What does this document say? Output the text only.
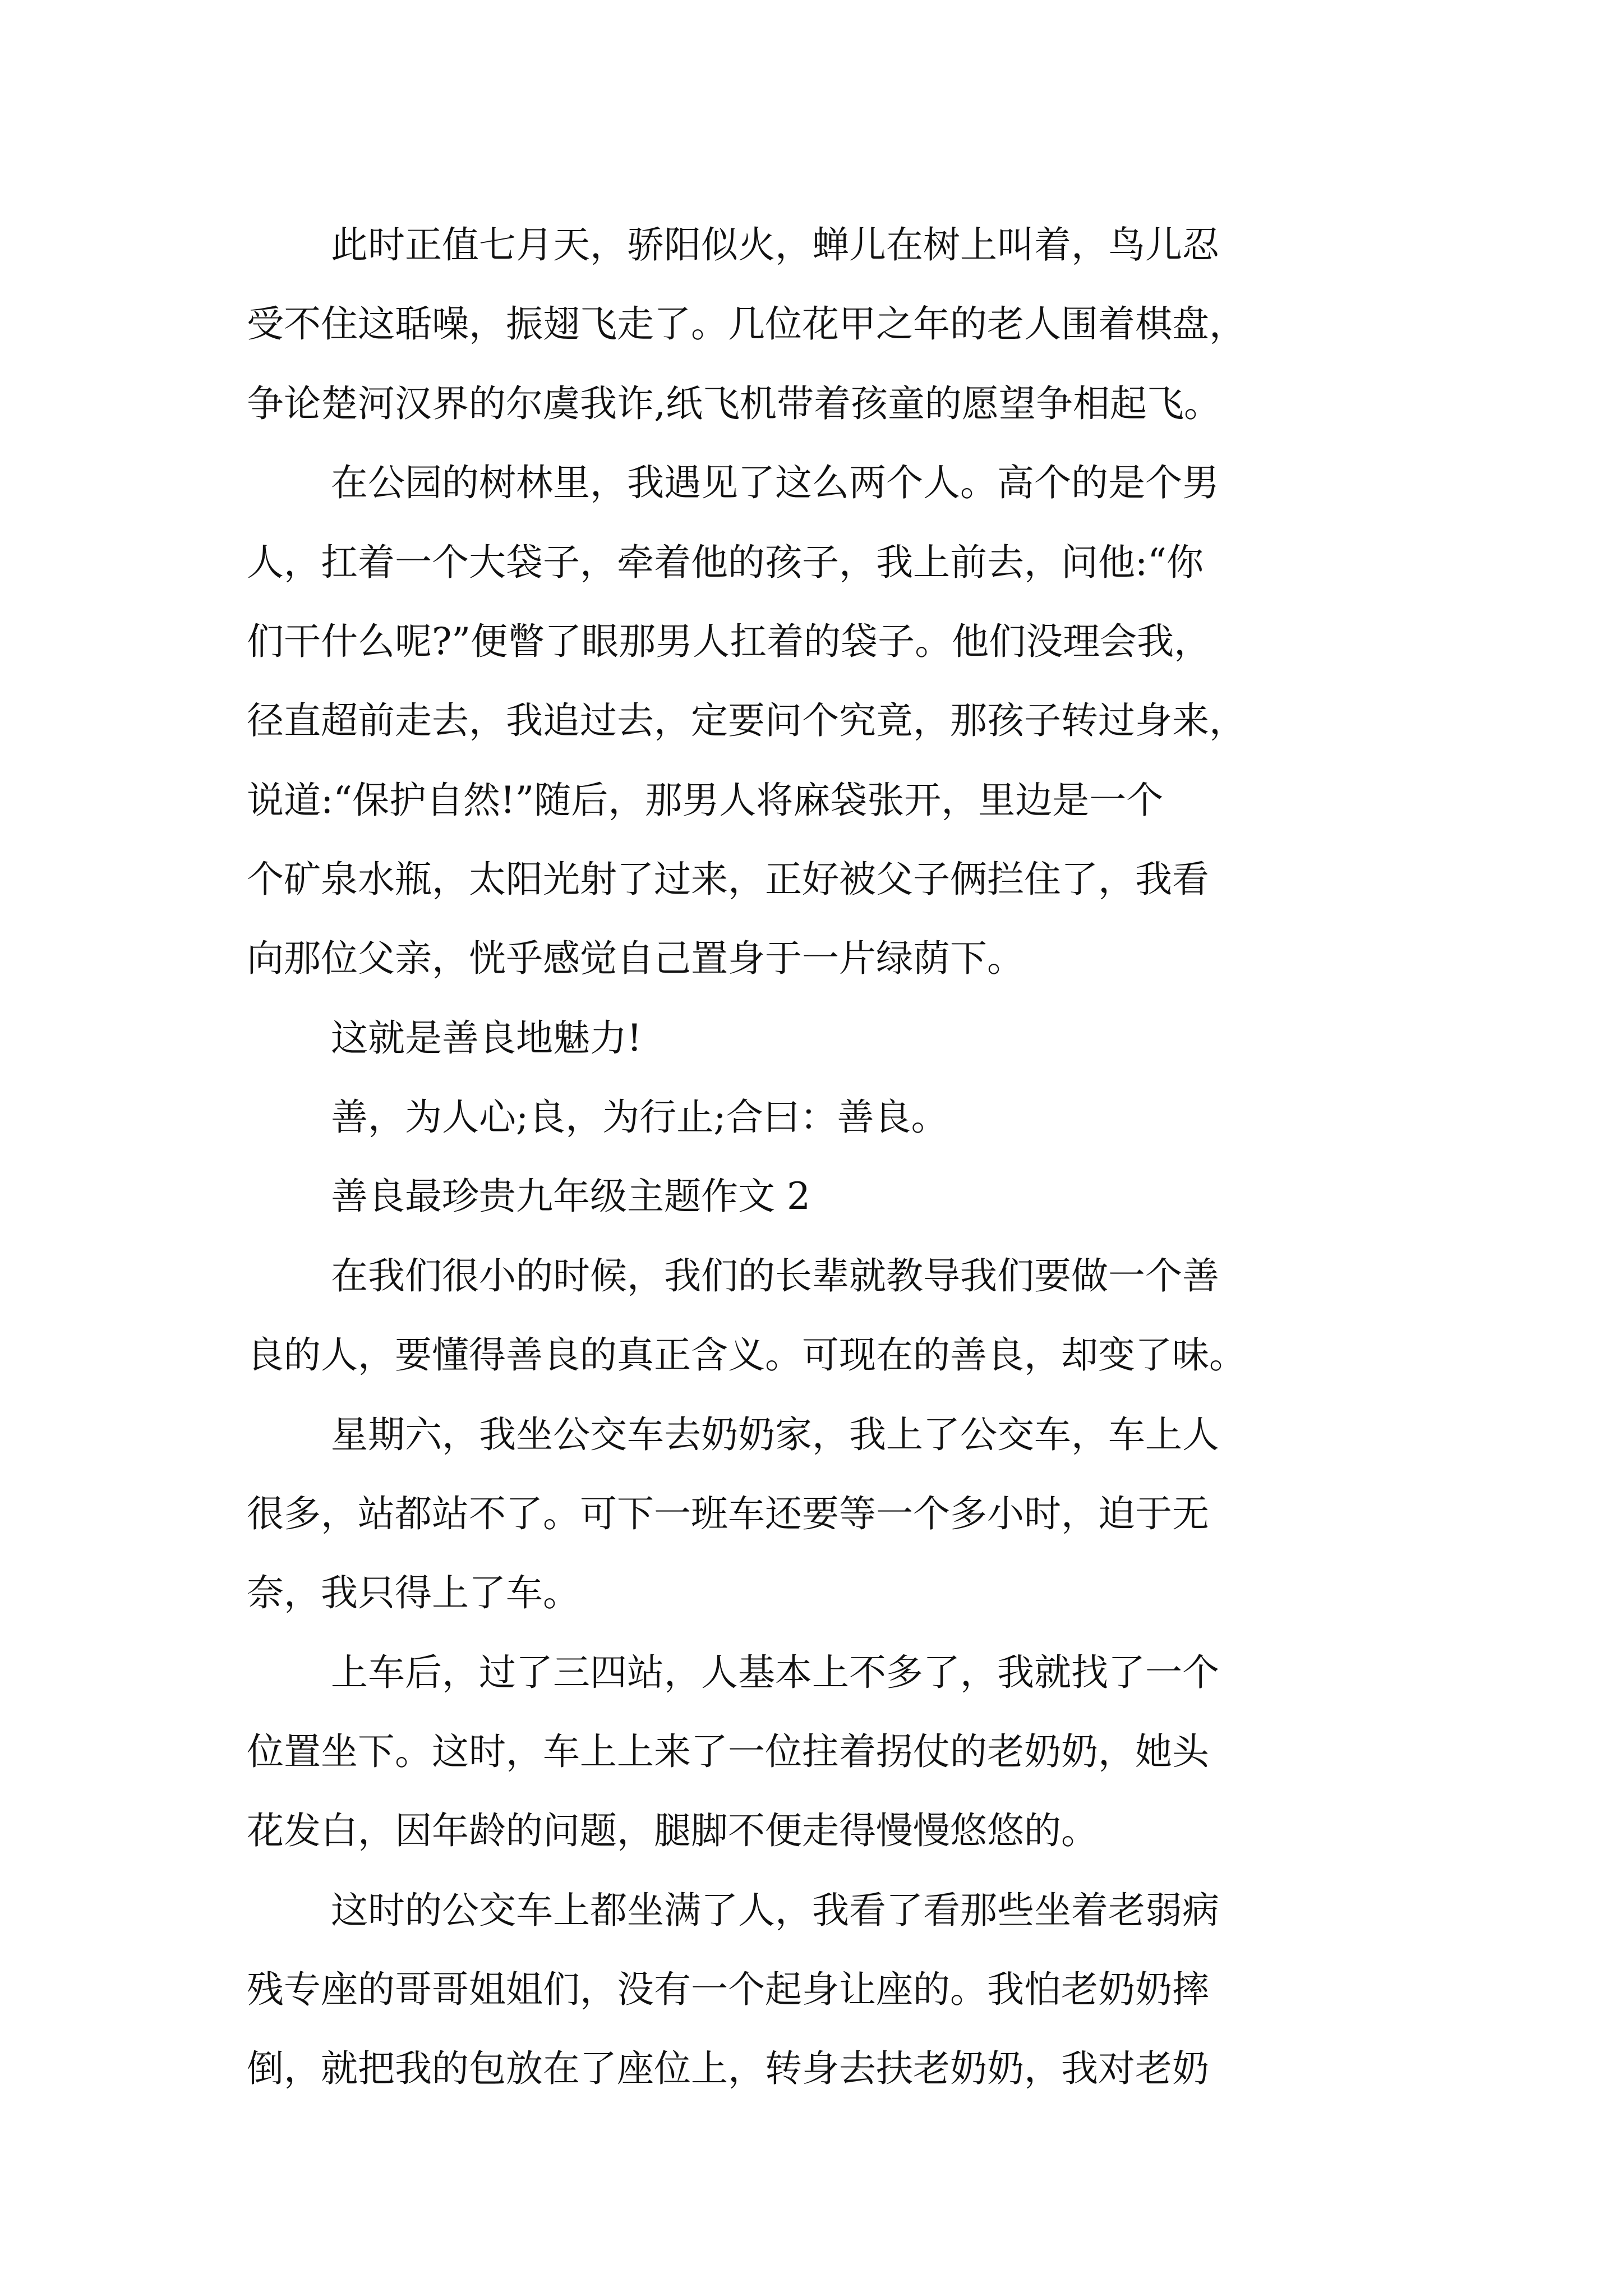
此时正值七月天，骄阳似火，蝉儿在树上叫着，鸟儿忍
受不住这聒噪，振翅飞走了。几位花甲之年的老人围着棋盘，
争论楚河汉界的尔虞我诈,纸飞机带着孩童的愿望争相起飞。
在公园的树林里，我遇见了这么两个人。高个的是个男
人，扛着一个大袋子，牵着他的孩子，我上前去，问他:“你
们干什么呢?”便瞥了眼那男人扛着的袋子。他们没理会我，
径直超前走去，我追过去，定要问个究竟，那孩子转过身来，
说道:“保护自然!”随后，那男人将麻袋张开，里边是一个
个矿泉水瓶，太阳光射了过来，正好被父子俩拦住了，我看
向那位父亲，恍乎感觉自己置身于一片绿荫下。
这就是善良地魅力!
善，为人心;良，为行止;合曰：善良。
善良最珍贵九年级主题作文 2
在我们很小的时候，我们的长辈就教导我们要做一个善
良的人，要懂得善良的真正含义。可现在的善良，却变了味。
星期六，我坐公交车去奶奶家，我上了公交车，车上人
很多，站都站不了。可下一班车还要等一个多小时，迫于无
奈，我只得上了车。
上车后，过了三四站，人基本上不多了，我就找了一个
位置坐下。这时，车上上来了一位拄着拐仗的老奶奶，她头
花发白，因年龄的问题，腿脚不便走得慢慢悠悠的。
这时的公交车上都坐满了人，我看了看那些坐着老弱病
残专座的哥哥姐姐们，没有一个起身让座的。我怕老奶奶摔
倒，就把我的包放在了座位上，转身去扶老奶奶，我对老奶
